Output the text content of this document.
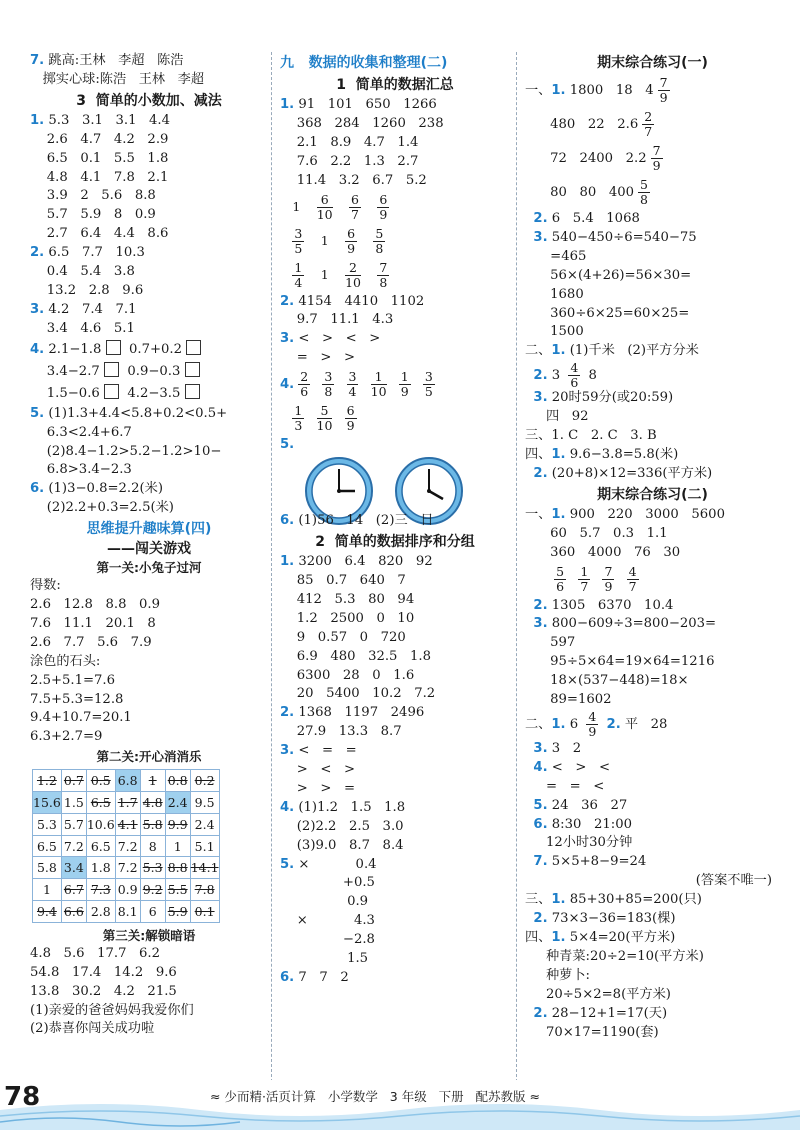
7. 跳高:王林   李超   陈浩
掷实心球:陈浩   王林   李超
3  简单的小数加、减法
1. 5.3   3.1   3.1   4.4
2.6   4.7   4.2   2.9
6.5   0.1   5.5   1.8
4.8   4.1   7.8   2.1
3.9   2   5.6   8.8
5.7   5.9   8   0.9
2.7   6.4   4.4   8.6
2. 6.5   7.7   10.3
0.4   5.4   3.8
13.2   2.8   9.6
3. 4.2   7.4   7.1
3.4   4.6   5.1
4. 2.1−1.8 0.7+0.2
3.4−2.7 0.9−0.3
1.5−0.6 4.2−3.5
5. (1)1.3+4.4<5.8+0.2<0.5+
6.3<2.4+6.7
(2)8.4−1.2>5.2−1.2>10−
6.8>3.4−2.3
6. (1)3−0.8=2.2(米)
(2)2.2+0.3=2.5(米)
思维提升趣味算(四)
——闯关游戏
第一关:小兔子过河
得数:
2.6   12.8   8.8   0.9
7.6   11.1   20.1   8
2.6   7.7   5.6   7.9
涂色的石头:
2.5+5.1=7.6
7.5+5.3=12.8
9.4+10.7=20.1
6.3+2.7=9
第二关:开心消消乐
1.2	0.7	0.5	6.8	1	0.8	0.2
15.6	1.5	6.5	1.7	4.8	2.4	9.5
5.3	5.7	10.6	4.1	5.8	9.9	2.4
6.5	7.2	6.5	7.2	8	1	5.1
5.8	3.4	1.8	7.2	5.3	8.8	14.1
1	6.7	7.3	0.9	9.2	5.5	7.8
9.4	6.6	2.8	8.1	6	5.9	0.1
第三关:解锁暗语
4.8   5.6   17.7   6.2
54.8   17.4   14.2   9.6
13.8   30.2   4.2   21.5
(1)亲爱的爸爸妈妈我爱你们
(2)恭喜你闯关成功啦
九   数据的收集和整理(二)
1  简单的数据汇总
1. 91   101   650   1266
368   284   1260   238
2.1   8.9   4.7   1.4
7.6   2.2   1.3   2.7
11.4   3.2   6.7   5.2

1
$\frac{6}{10}$
$\frac{6}{7}$
$\frac{6}{9}$

$\frac{3}{5}$
1
$\frac{6}{9}$
$\frac{5}{8}$

$\frac{1}{4}$
1
$\frac{2}{10}$
$\frac{7}{8}$

2. 4154   4410   1102
9.7   11.1   4.3
3. <   >   <   >
=   >   >
4. $\frac{2}{6}$
$\frac{3}{8}$
$\frac{3}{4}$
$\frac{1}{10}$
$\frac{1}{9}$
$\frac{3}{5}$

$\frac{1}{3}$
$\frac{5}{10}$
$\frac{6}{9}$

5.

6. (1)56   14   (2)三   日
2  简单的数据排序和分组
1. 3200   6.4   820   92
85   0.7   640   7
412   5.3   80   94
1.2   2500   0   10
9   0.57   0   720
6.9   480   32.5   1.8
6300   28   0   1.6
20   5400   10.2   7.2
2. 1368   1197   2496
27.9   13.3   8.7
3. <   =   =
>   <   >
>   >   =
4. (1)1.2   1.5   1.8
(2)2.2   2.5   3.0
(3)9.0   8.7   8.4
5. ×           0.4
+0.5
0.9
×           4.3
−2.8
1.5
6. 7   7   2
期末综合练习(一)
一、1. 1800   18   $4 \frac{7}{9}$
480   22   $2.6 \frac{2}{7}$
72   2400   $2.2 \frac{7}{9}$
80   80   $400 \frac{5}{8}$
2. 6   5.4   1068
3. 540−450÷6=540−75
=465
56×(4+26)=56×30=
1680
360÷6×25=60×25=
1500
二、1. (1)千米   (2)平方分米
2. $3 \frac{4}{6} 8$
3. 20时59分(或20:59)
四   92
三、1. C   2. C   3. B
四、1. 9.6−3.8=5.8(米)
2. (20+8)×12=336(平方米)
期末综合练习(二)
一、1. 900   220   3000   5600
60   5.7   0.3   1.1
360   4000   76   30

$\frac{5}{6}$
$\frac{1}{7}$
$\frac{7}{9}$
$\frac{4}{7}$

2. 1305   6370   10.4
3. 800−609÷3=800−203=
597
95÷5×64=19×64=1216
18×(537−448)=18×
89=1602
二、1. $6 \frac{4}{9} 2$. 平   28
3. 3   2
4. <   >   <
=   =   <
5. 24   36   27
6. 8:30   21:00
12小时30分钟
7. 5×5+8−9=24
(答案不唯一)
三、1. 85+30+85=200(只)
2. 73×3−36=183(棵)
四、1. 5×4=20(平方米)
种青菜:20÷2=10(平方米)
种萝卜:
20÷5×2=8(平方米)
2. 28−12+1=17(天)
70×17=1190(套)
78	≈ 少而精·活页计算   小学数学   3 年级   下册   配苏教版 ≈
